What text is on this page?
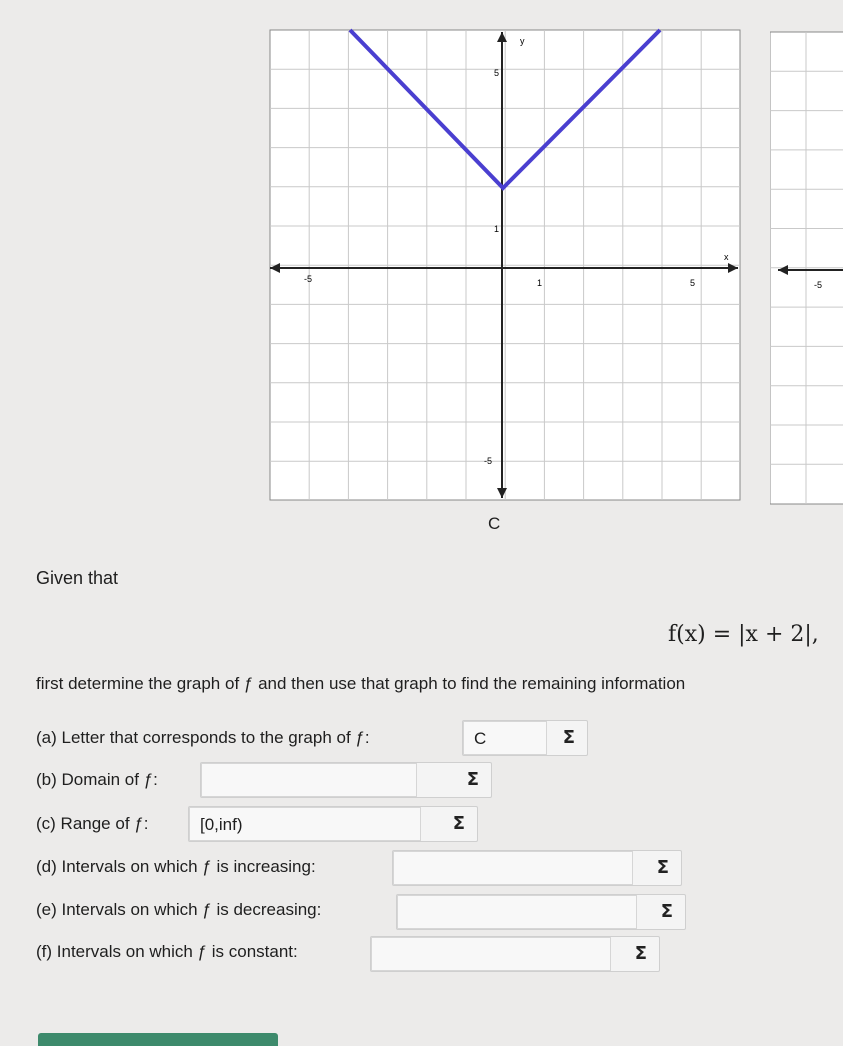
y
5
1
-5
-5	1	5
x
-5
C
Given that
f(x) = |x + 2|,
first determine the graph of ƒ and then use that graph to find the remaining information
(a) Letter that corresponds to the graph of ƒ:	C	Σ
(b) Domain of ƒ:	Σ
(c) Range of ƒ:	[0,inf)	Σ
(d) Intervals on which ƒ is increasing:	Σ
(e) Intervals on which ƒ is decreasing:	Σ
(f) Intervals on which ƒ is constant:	Σ
